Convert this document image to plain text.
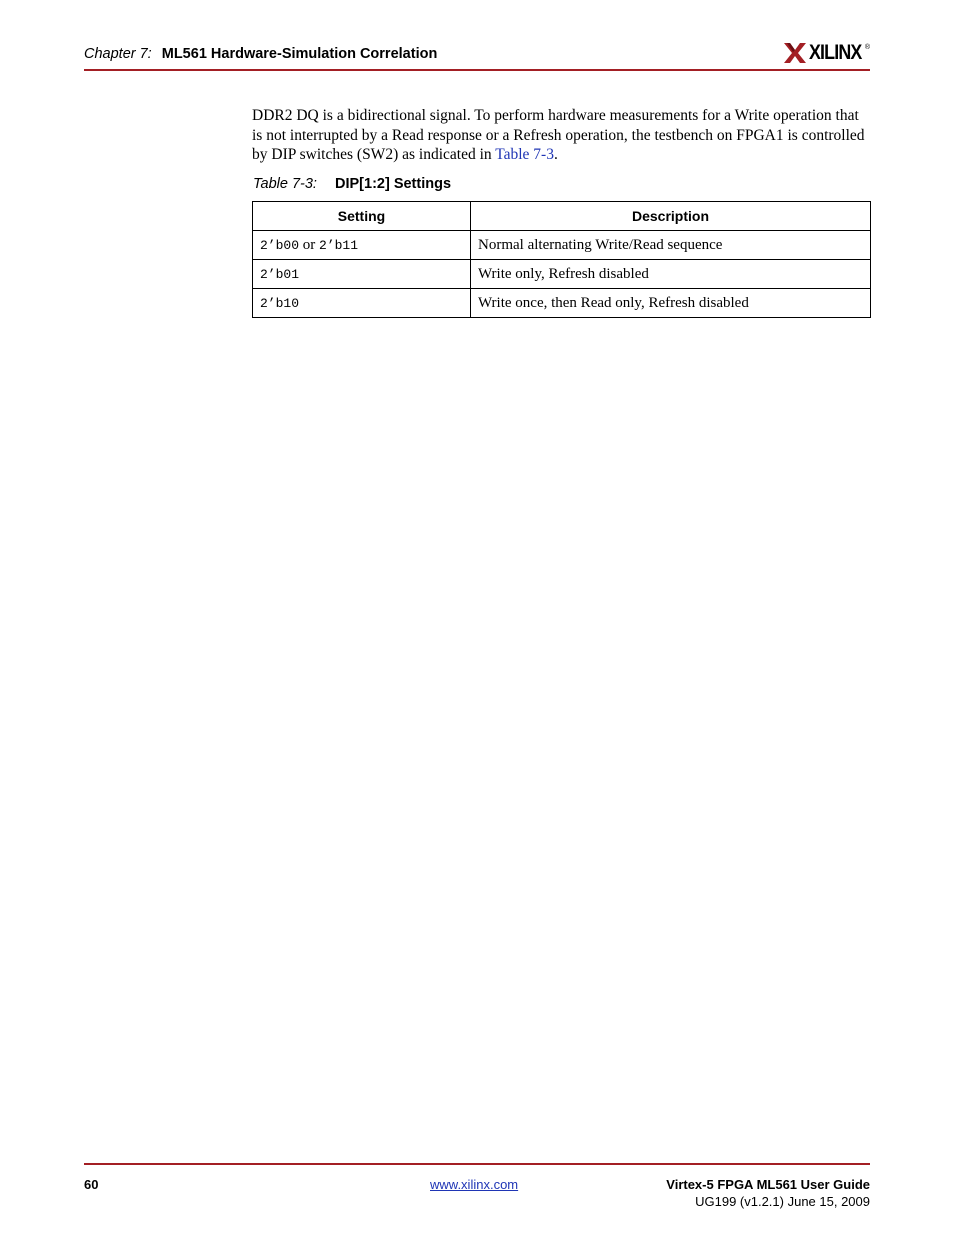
Chapter 7: ML561 Hardware-Simulation Correlation	XILINX ®
DDR2 DQ is a bidirectional signal. To perform hardware measurements for a Write operation that is not interrupted by a Read response or a Refresh operation, the testbench on FPGA1 is controlled by DIP switches (SW2) as indicated in Table 7-3.
Table 7-3: DIP[1:2] Settings
Setting	Description
2’b00 or 2’b11	Normal alternating Write/Read sequence
2’b01	Write only, Refresh disabled
2’b10	Write once, then Read only, Refresh disabled
60	www.xilinx.com	Virtex-5 FPGA ML561 User Guide
UG199 (v1.2.1) June 15, 2009
